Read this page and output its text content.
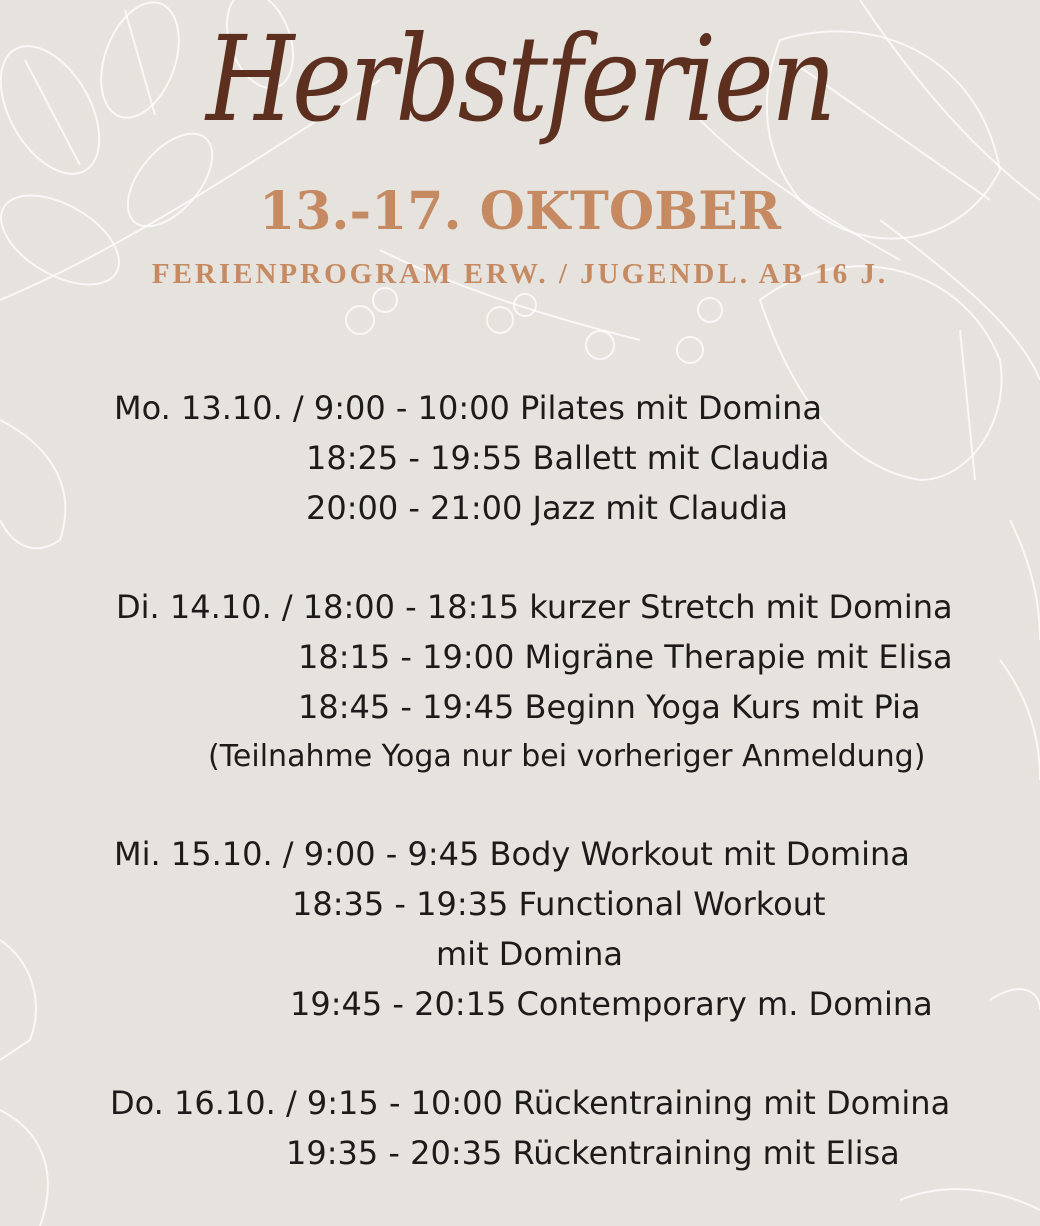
Herbstferien
13.-17. OKTOBER
FERIENPROGRAM ERW. / JUGENDL. AB 16 J.
Mo. 13.10. / 9:00 - 10:00 Pilates mit Domina
18:25 - 19:55 Ballett mit Claudia
20:00 - 21:00 Jazz mit Claudia
Di. 14.10. / 18:00 - 18:15 kurzer Stretch mit Domina
18:15 - 19:00 Migräne Therapie mit Elisa
18:45 - 19:45 Beginn Yoga Kurs mit Pia
(Teilnahme Yoga nur bei vorheriger Anmeldung)
Mi. 15.10. / 9:00 - 9:45 Body Workout mit Domina
18:35 - 19:35 Functional Workout
mit Domina
19:45 - 20:15 Contemporary m. Domina
Do. 16.10. / 9:15 - 10:00 Rückentraining mit Domina
19:35 - 20:35 Rückentraining mit Elisa
